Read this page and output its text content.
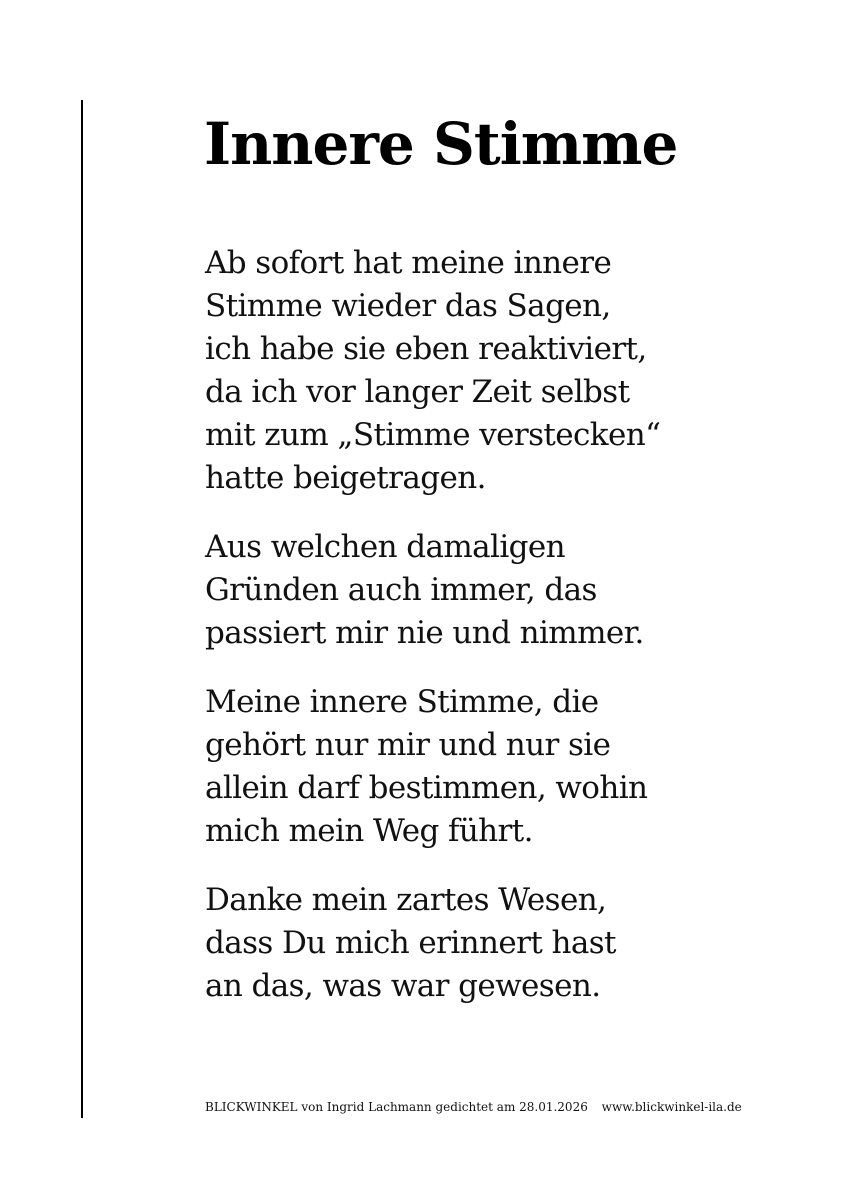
Innere Stimme

Ab sofort hat meine innere
Stimme wieder das Sagen,
ich habe sie eben reaktiviert,
da ich vor langer Zeit selbst
mit zum „Stimme verstecken“
hatte beigetragen.

Aus welchen damaligen
Gründen auch immer, das
passiert mir nie und nimmer.

Meine innere Stimme, die
gehört nur mir und nur sie
allein darf bestimmen, wohin
mich mein Weg führt.

Danke mein zartes Wesen,
dass Du mich erinnert hast
an das, was war gewesen.

BLICKWINKEL von Ingrid Lachmann gedichtet am 28.01.2026 www.blickwinkel-ila.de
